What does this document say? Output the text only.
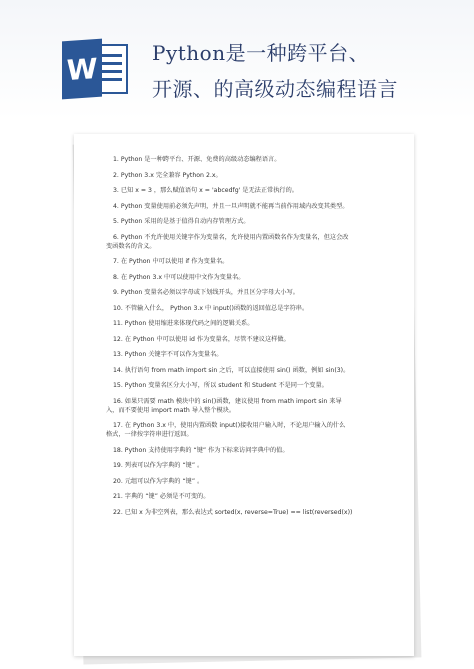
W	Python是一种跨平台、
开源、的高级动态编程语言
1. Python 是一种跨平台、开源、免费的高级动态编程语言。
2. Python 3.x 完全兼容 Python 2.x。
3. 已知 x = 3 ，那么赋值语句 x = 'abcedfg' 是无法正常执行的。
4. Python 变量使用前必须先声明，并且一旦声明就不能再当前作用域内改变其类型。
5. Python 采用的是基于值得自动内存管理方式。
6. Python 不允许使用关键字作为变量名，允许使用内置函数名作为变量名，但这会改
变函数名的含义。
7. 在 Python 中可以使用 if 作为变量名。
8. 在 Python 3.x 中可以使用中文作为变量名。
9. Python 变量名必须以字母或下划线开头，并且区分字母大小写。
10. 不管输入什么， Python 3.x 中 input()函数的返回值总是字符串。
11. Python 使用缩进来体现代码之间的逻辑关系。
12. 在 Python 中可以使用 id 作为变量名，尽管不建议这样做。
13. Python 关键字不可以作为变量名。
14. 执行语句 from math import sin 之后，可以直接使用 sin() 函数，例如 sin(3)。
15. Python 变量名区分大小写，所以 student 和 Student 不是同一个变量。
16. 如果只需要 math 模块中的 sin()函数，建议使用 from math import sin 来导
入，而不要使用 import math 导入整个模块。
17. 在 Python 3.x 中，使用内置函数 input()接收用户输入时，不论用户输入的什么
格式，一律按字符串进行返回。
18. Python 支持使用字典的 “键” 作为下标来访问字典中的值。
19. 列表可以作为字典的 “键” 。
20. 元组可以作为字典的 “键” 。
21. 字典的 “键” 必须是不可变的。
22. 已知 x 为非空列表，那么表达式 sorted(x, reverse=True) == list(reversed(x))
